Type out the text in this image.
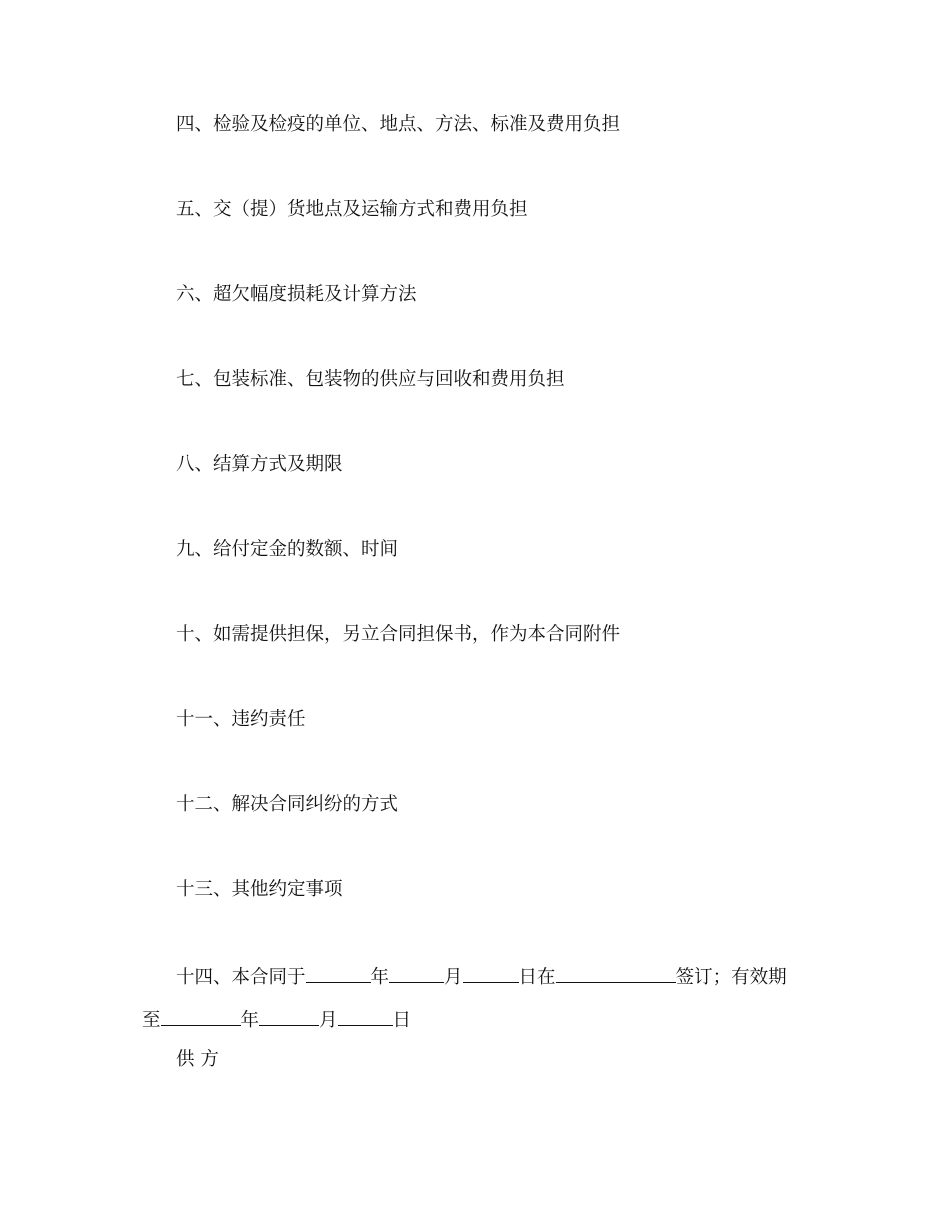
四、检验及检疫的单位、地点、方法、标准及费用负担
五、交（提）货地点及运输方式和费用负担
六、超欠幅度损耗及计算方法
七、包装标准、包装物的供应与回收和费用负担
八、结算方式及期限
九、给付定金的数额、时间
十、如需提供担保，另立合同担保书，作为本合同附件
十一、违约责任
十二、解决合同纠纷的方式
十三、其他约定事项
十四、本合同于	年	月	日在	签订；有效期
至	年	月	日
供 方
